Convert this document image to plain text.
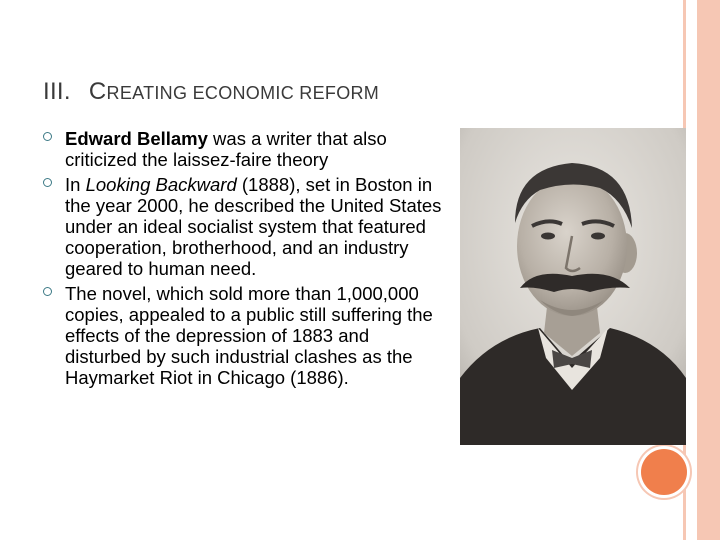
III. CREATING ECONOMIC REFORM
Edward Bellamy was a writer that also criticized the laissez-faire theory
In Looking Backward (1888), set in Boston in the year 2000, he described the United States under an ideal socialist system that featured cooperation, brotherhood, and an industry geared to human need.
The novel, which sold more than 1,000,000 copies, appealed to a public still suffering the effects of the depression of 1883 and disturbed by such industrial clashes as the Haymarket Riot in Chicago (1886).
